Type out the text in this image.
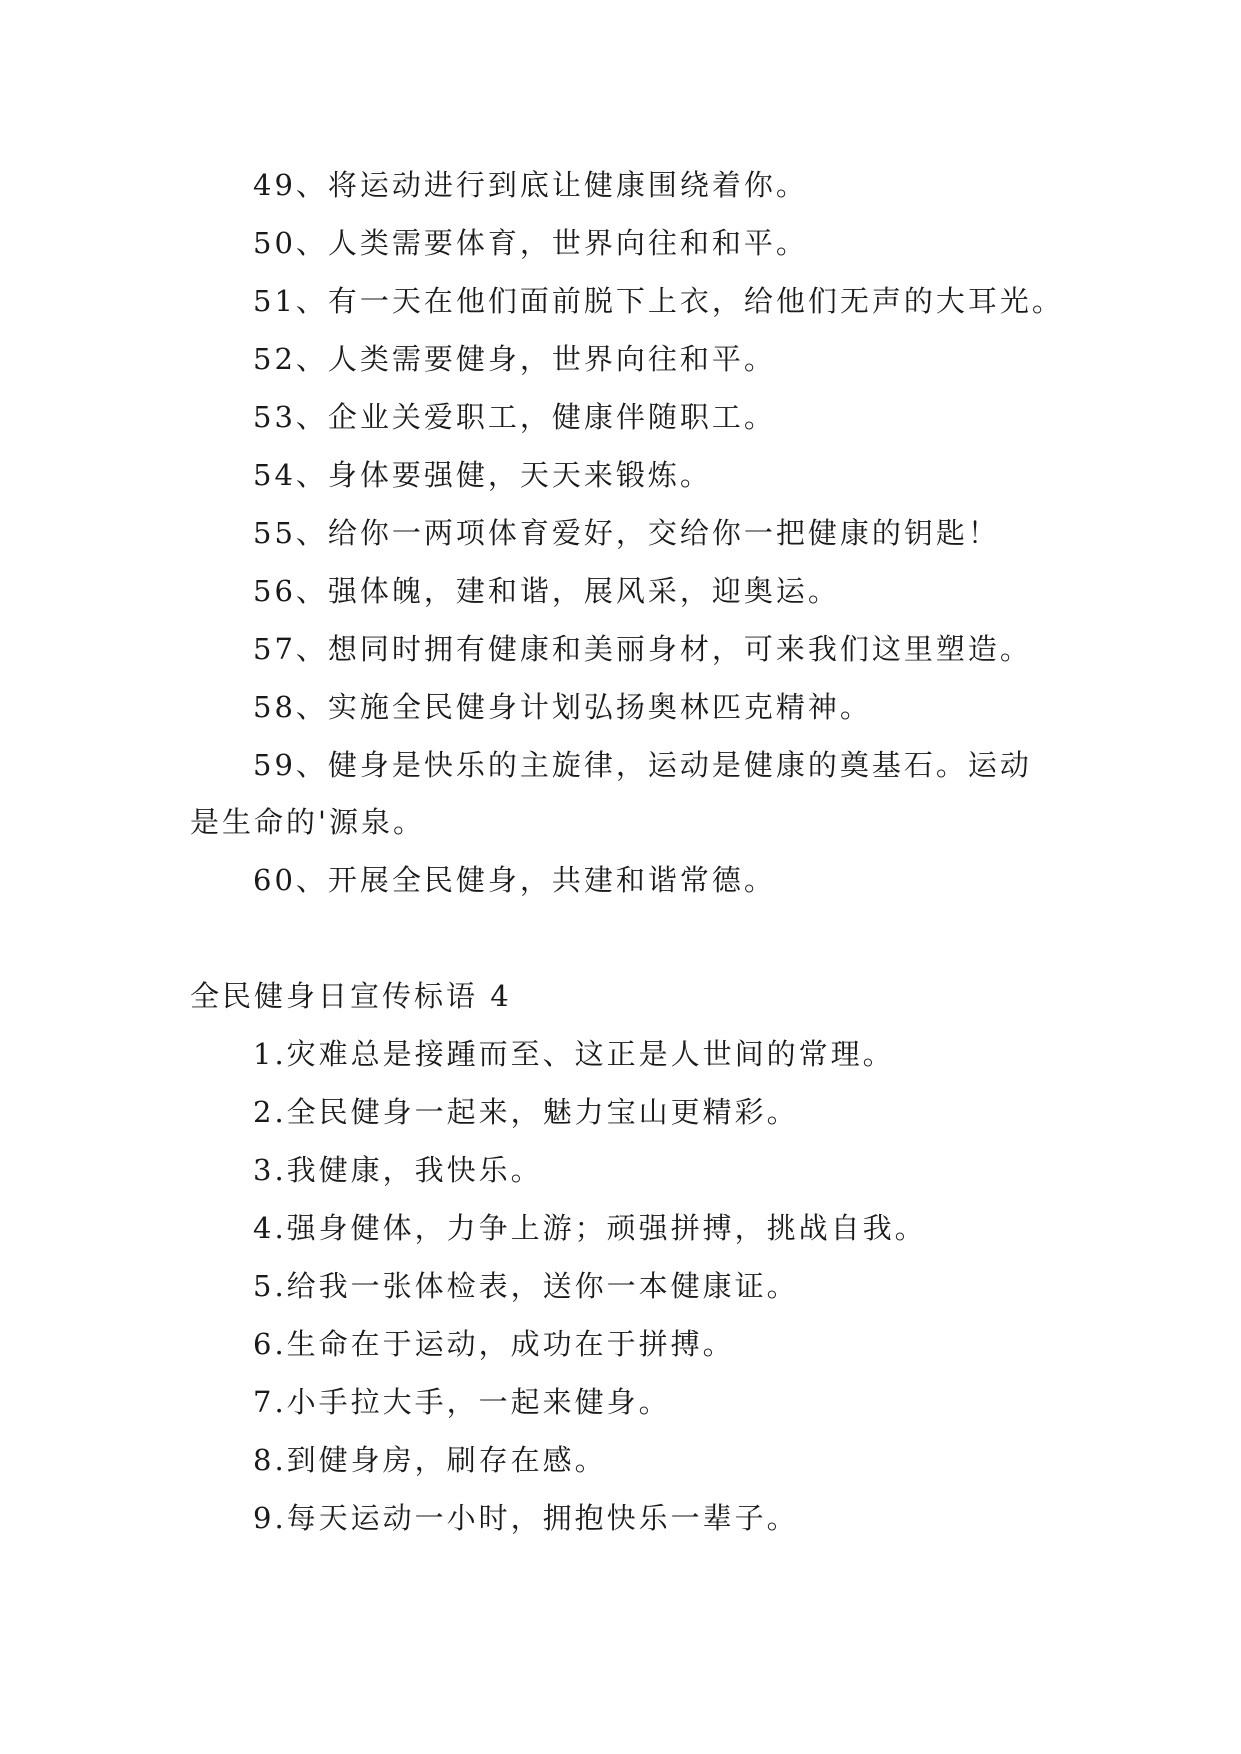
49、将运动进行到底让健康围绕着你。
50、人类需要体育，世界向往和和平。
51、有一天在他们面前脱下上衣，给他们无声的大耳光。
52、人类需要健身，世界向往和平。
53、企业关爱职工，健康伴随职工。
54、身体要强健，天天来锻炼。
55、给你一两项体育爱好，交给你一把健康的钥匙！
56、强体魄，建和谐，展风采，迎奥运。
57、想同时拥有健康和美丽身材，可来我们这里塑造。
58、实施全民健身计划弘扬奥林匹克精神。
59、健身是快乐的主旋律，运动是健康的奠基石。运动
是生命的'源泉。
60、开展全民健身，共建和谐常德。
全民健身日宣传标语 4
1.灾难总是接踵而至、这正是人世间的常理。
2.全民健身一起来，魅力宝山更精彩。
3.我健康，我快乐。
4.强身健体，力争上游；顽强拼搏，挑战自我。
5.给我一张体检表，送你一本健康证。
6.生命在于运动，成功在于拼搏。
7.小手拉大手，一起来健身。
8.到健身房，刷存在感。
9.每天运动一小时，拥抱快乐一辈子。
